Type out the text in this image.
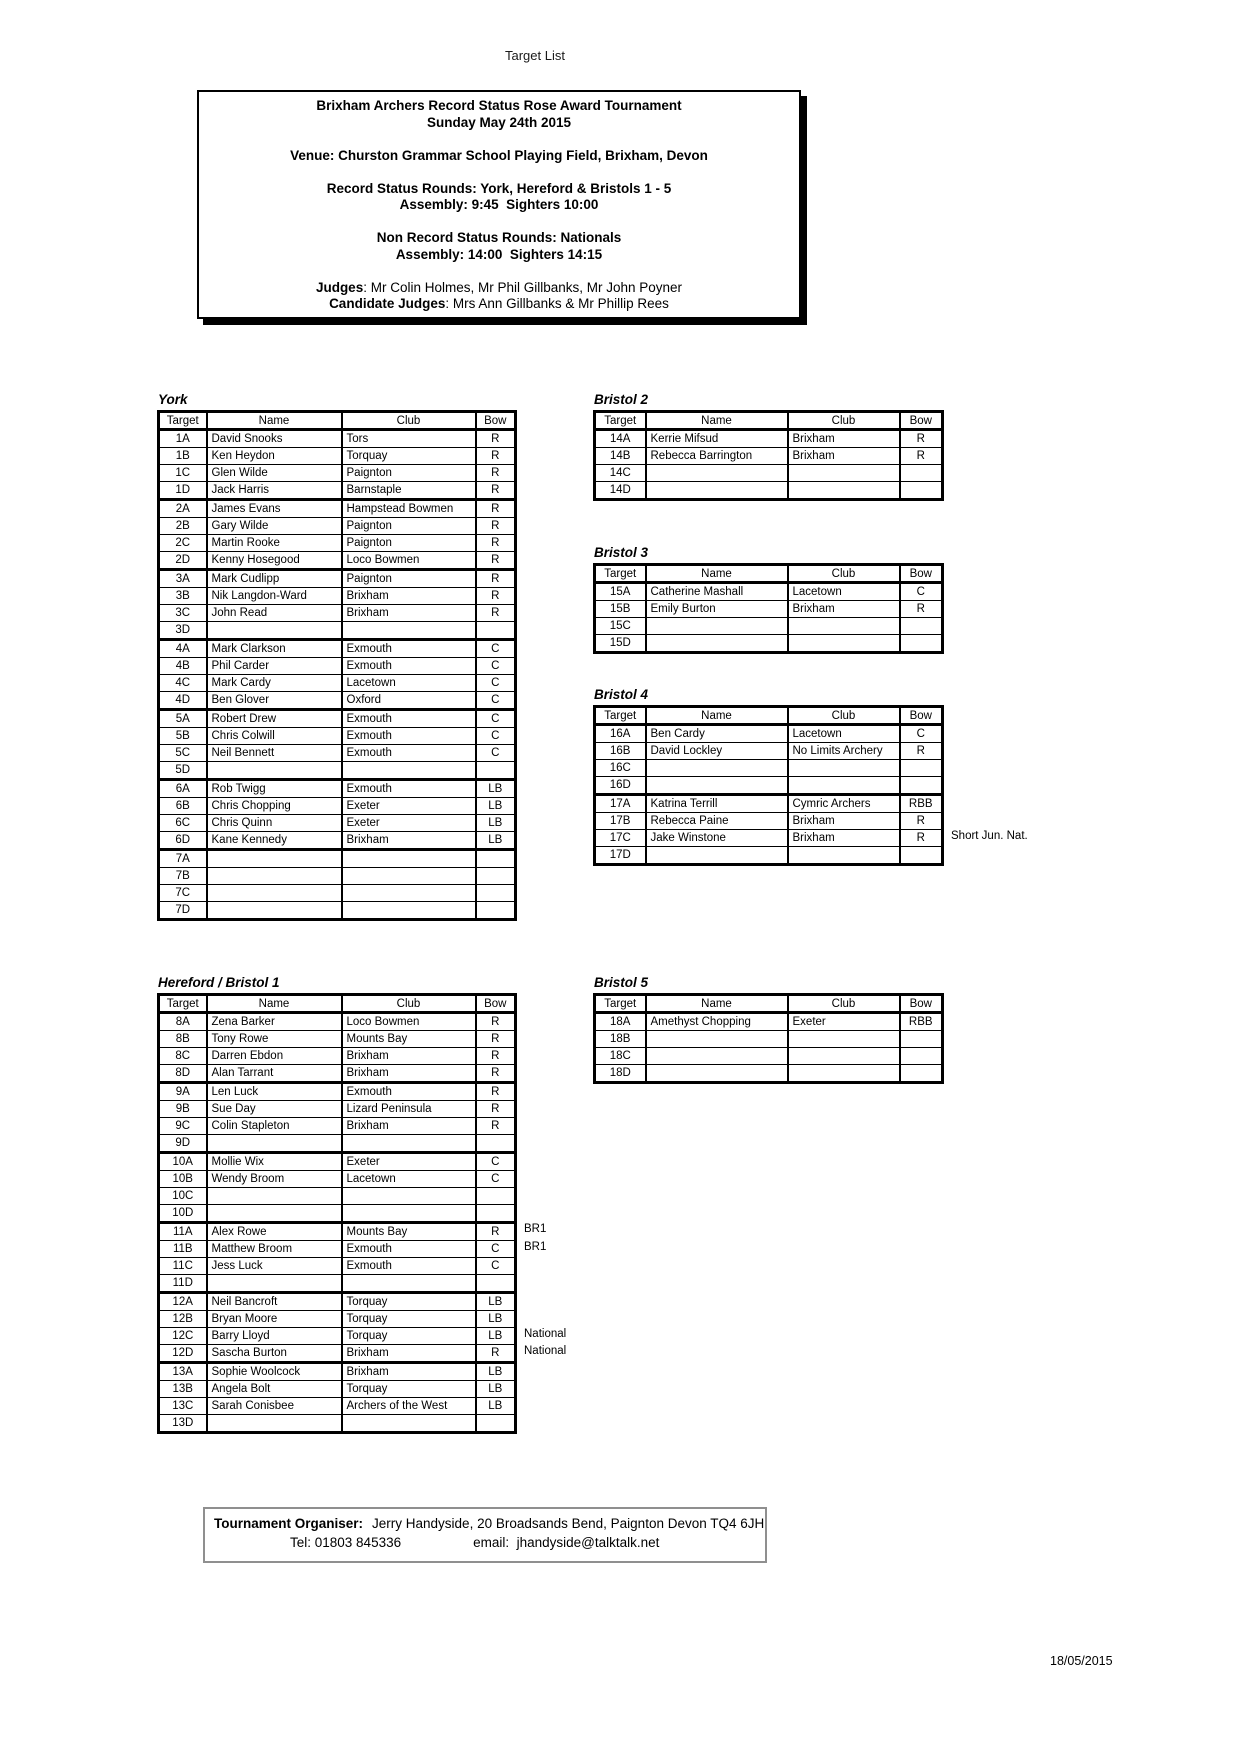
Target List
Brixham Archers Record Status Rose Award Tournament
Sunday May 24th 2015
Venue: Churston Grammar School Playing Field, Brixham, Devon
Record Status Rounds: York, Hereford & Bristols 1 - 5
Assembly: 9:45  Sighters 10:00
Non Record Status Rounds: Nationals
Assembly: 14:00  Sighters 14:15
Judges: Mr Colin Holmes, Mr Phil Gillbanks, Mr John Poyner
Candidate Judges: Mrs Ann Gillbanks & Mr Phillip Rees
York
Target	Name	Club	Bow
1A	David Snooks	Tors	R
1B	Ken Heydon	Torquay	R
1C	Glen Wilde	Paignton	R
1D	Jack Harris	Barnstaple	R
2A	James Evans	Hampstead Bowmen	R
2B	Gary Wilde	Paignton	R
2C	Martin Rooke	Paignton	R
2D	Kenny Hosegood	Loco Bowmen	R
3A	Mark Cudlipp	Paignton	R
3B	Nik Langdon-Ward	Brixham	R
3C	John Read	Brixham	R
3D			
4A	Mark Clarkson	Exmouth	C
4B	Phil Carder	Exmouth	C
4C	Mark Cardy	Lacetown	C
4D	Ben Glover	Oxford	C
5A	Robert Drew	Exmouth	C
5B	Chris Colwill	Exmouth	C
5C	Neil Bennett	Exmouth	C
5D			
6A	Rob Twigg	Exmouth	LB
6B	Chris Chopping	Exeter	LB
6C	Chris Quinn	Exeter	LB
6D	Kane Kennedy	Brixham	LB
7A			
7B			
7C			
7D			
Bristol 2
Target	Name	Club	Bow
14A	Kerrie Mifsud	Brixham	R
14B	Rebecca Barrington	Brixham	R
14C			
14D			
Bristol 3
Target	Name	Club	Bow
15A	Catherine Mashall	Lacetown	C
15B	Emily Burton	Brixham	R
15C			
15D			
Bristol 4
Target	Name	Club	Bow
16A	Ben Cardy	Lacetown	C
16B	David Lockley	No Limits Archery	R
16C			
16D			
17A	Katrina Terrill	Cymric Archers	RBB
17B	Rebecca Paine	Brixham	R
17C	Jake Winstone	Brixham	R
17D			
Short Jun. Nat.
Hereford / Bristol 1
Target	Name	Club	Bow
8A	Zena Barker	Loco Bowmen	R
8B	Tony Rowe	Mounts Bay	R
8C	Darren Ebdon	Brixham	R
8D	Alan Tarrant	Brixham	R
9A	Len Luck	Exmouth	R
9B	Sue Day	Lizard Peninsula	R
9C	Colin Stapleton	Brixham	R
9D			
10A	Mollie Wix	Exeter	C
10B	Wendy Broom	Lacetown	C
10C			
10D			
11A	Alex Rowe	Mounts Bay	R
11B	Matthew Broom	Exmouth	C
11C	Jess Luck	Exmouth	C
11D			
12A	Neil Bancroft	Torquay	LB
12B	Bryan Moore	Torquay	LB
12C	Barry Lloyd	Torquay	LB
12D	Sascha Burton	Brixham	R
13A	Sophie Woolcock	Brixham	LB
13B	Angela Bolt	Torquay	LB
13C	Sarah Conisbee	Archers of the West	LB
13D			
BR1
BR1
National
National
Bristol 5
Target	Name	Club	Bow
18A	Amethyst Chopping	Exeter	RBB
18B			
18C			
18D			
Tournament Organiser: Jerry Handyside, 20 Broadsands Bend, Paignton Devon TQ4 6JH
Tel: 01803 845336	email:  jhandyside@talktalk.net
18/05/2015
